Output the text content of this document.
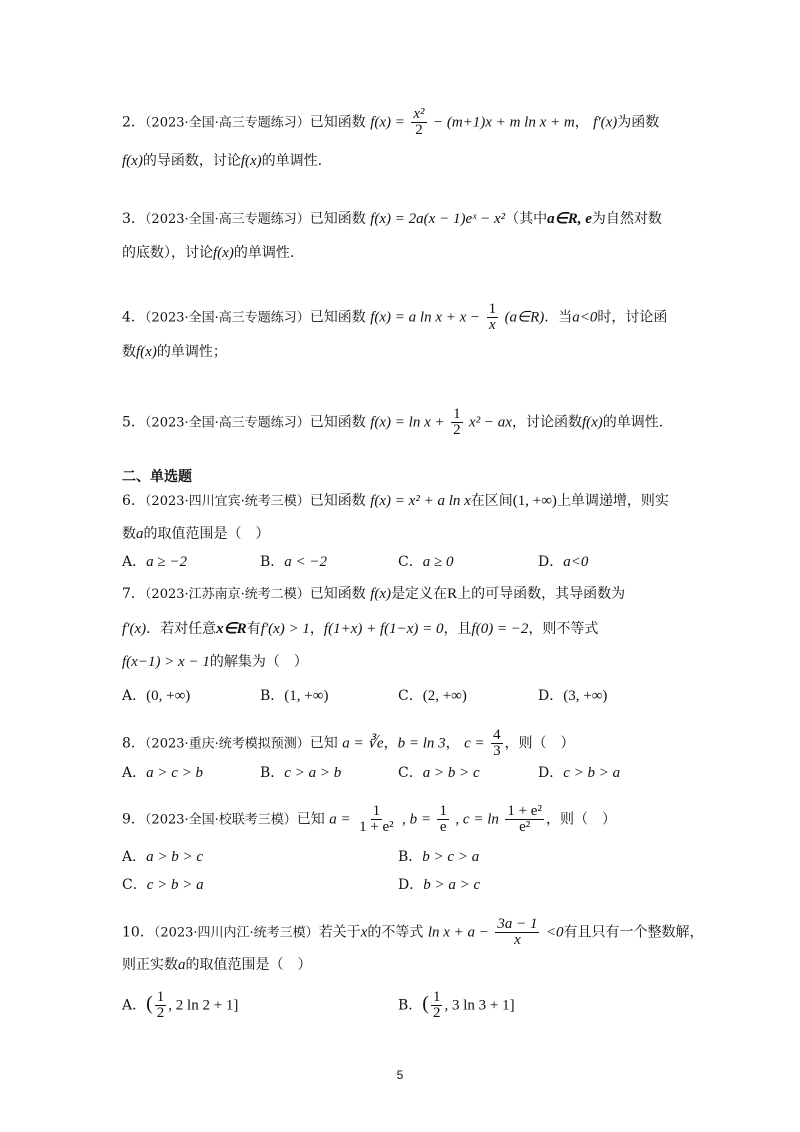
2．（2023·全国·高三专题练习）已知函数 $f(x) = \frac{\text{x²}}{2} - (m+1)x + m$ ln x + m， f′(x)为函数
f(x)的导函数，讨论f(x)的单调性.
3．（2023·全国·高三专题练习）已知函数 f(x) = 2a(x − 1)eˣ − x²（其中a∈R, e为自然对数
的底数），讨论f(x)的单调性.
4．（2023·全国·高三专题练习）已知函数 f(x) = a $\ln x + x - \frac{1}{x}$ (a∈R)．当a<0时，讨论函
数f(x)的单调性；
5．（2023·全国·高三专题练习）已知函数 $f(x) = \ln x + \frac{1}{2} x^2$ − ax，讨论函数f(x)的单调性.
二、单选题
6．（2023·四川宜宾·统考三模）已知函数 f(x) = x² + a ln x在区间(1, +∞)上单调递增，则实
数a的取值范围是（　）
A．a ≥ −2	B．a < −2	C．a ≥ 0	D．a<0
7．（2023·江苏南京·统考二模）已知函数 f(x)是定义在R上的可导函数，其导函数为
f′(x)．若对任意x∈R有f′(x) > 1，f(1+x) + f(1−x) = 0，且f(0) = −2，则不等式
f(x−1) > x − 1的解集为（　）
A．(0, +∞)	B．(1, +∞)	C．(2, +∞)	D．(3, +∞)
8．（2023·重庆·统考模拟预测）已知 a = ∛e，b = ln 3， $c = \frac{4}{3}$ ，则（　）
A．a > c > b	B．c > a > b	C．a > b > c	D．c > b > a
9．（2023·全国·校联考三模）已知 $a = \frac{1}{\text{1 + e²}}$ , $b = \frac{1}{e}$ , $c = \ln \frac{\text{1 + e²}}{\text{e²}}$ ，则（　）
A．a > b > c	B．b > c > a
C．c > b > a	D．b > a > c
10．（2023·四川内江·统考三模）若关于x的不等式 $\ln x + a - \frac{3a - 1}{x} <0$有且只有一个整数解，
则正实数a的取值范围是（　）
A．( $\frac{1}{2}$ , 2 ln 2 + 1]	B．( $\frac{1}{2}$ , 3 ln 3 + 1]
5
